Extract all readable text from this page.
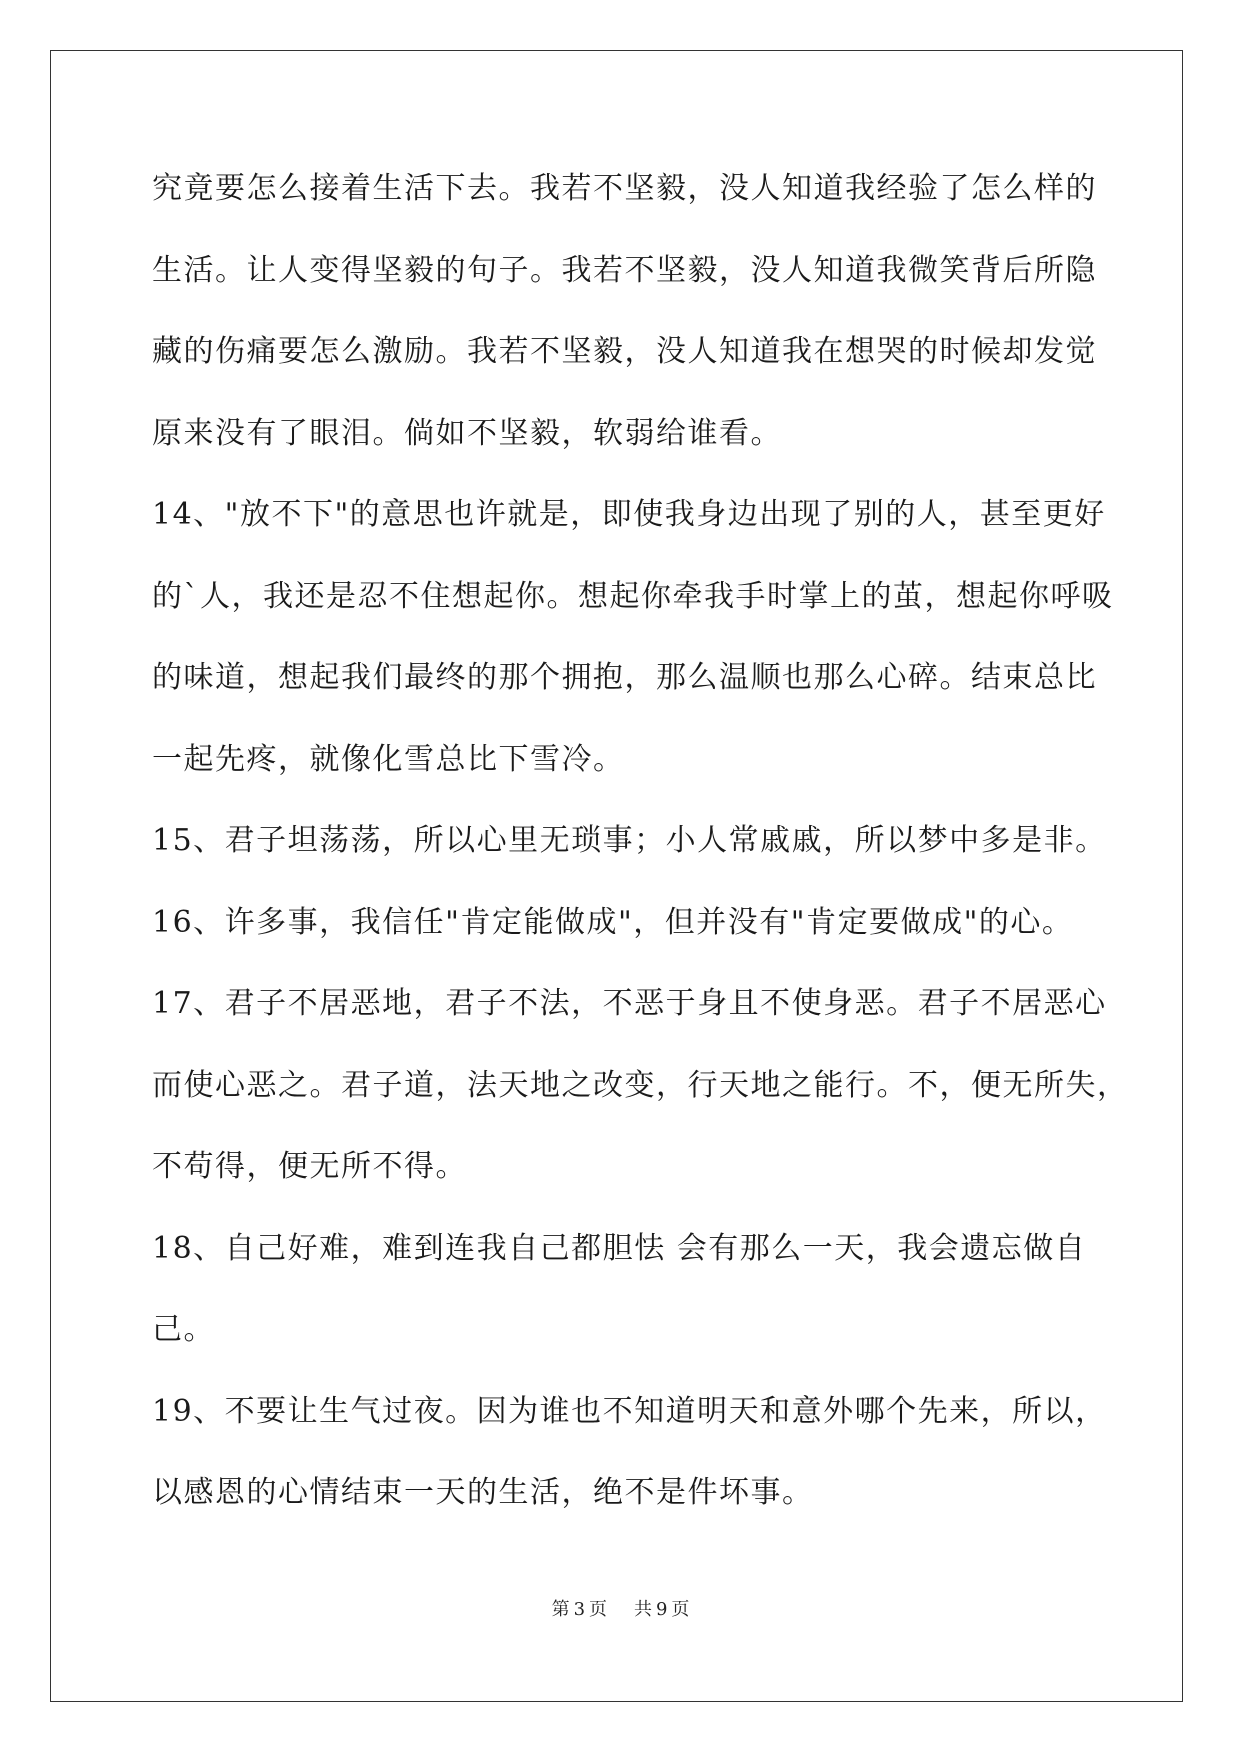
究竟要怎么接着生活下去。我若不坚毅，没人知道我经验了怎么样的
生活。让人变得坚毅的句子。我若不坚毅，没人知道我微笑背后所隐
藏的伤痛要怎么激励。我若不坚毅，没人知道我在想哭的时候却发觉
原来没有了眼泪。倘如不坚毅，软弱给谁看。
14、"放不下"的意思也许就是，即使我身边出现了别的人，甚至更好
的`人，我还是忍不住想起你。想起你牵我手时掌上的茧，想起你呼吸
的味道，想起我们最终的那个拥抱，那么温顺也那么心碎。结束总比
一起先疼，就像化雪总比下雪冷。
15、君子坦荡荡，所以心里无琐事；小人常戚戚，所以梦中多是非。
16、许多事，我信任"肯定能做成"，但并没有"肯定要做成"的心。
17、君子不居恶地，君子不法，不恶于身且不使身恶。君子不居恶心
而使心恶之。君子道，法天地之改变，行天地之能行。不，便无所失，
不苟得，便无所不得。
18、自己好难，难到连我自己都胆怯 会有那么一天，我会遗忘做自
己。
19、不要让生气过夜。因为谁也不知道明天和意外哪个先来，所以，
以感恩的心情结束一天的生活，绝不是件坏事。
第 3 页 共 9 页
